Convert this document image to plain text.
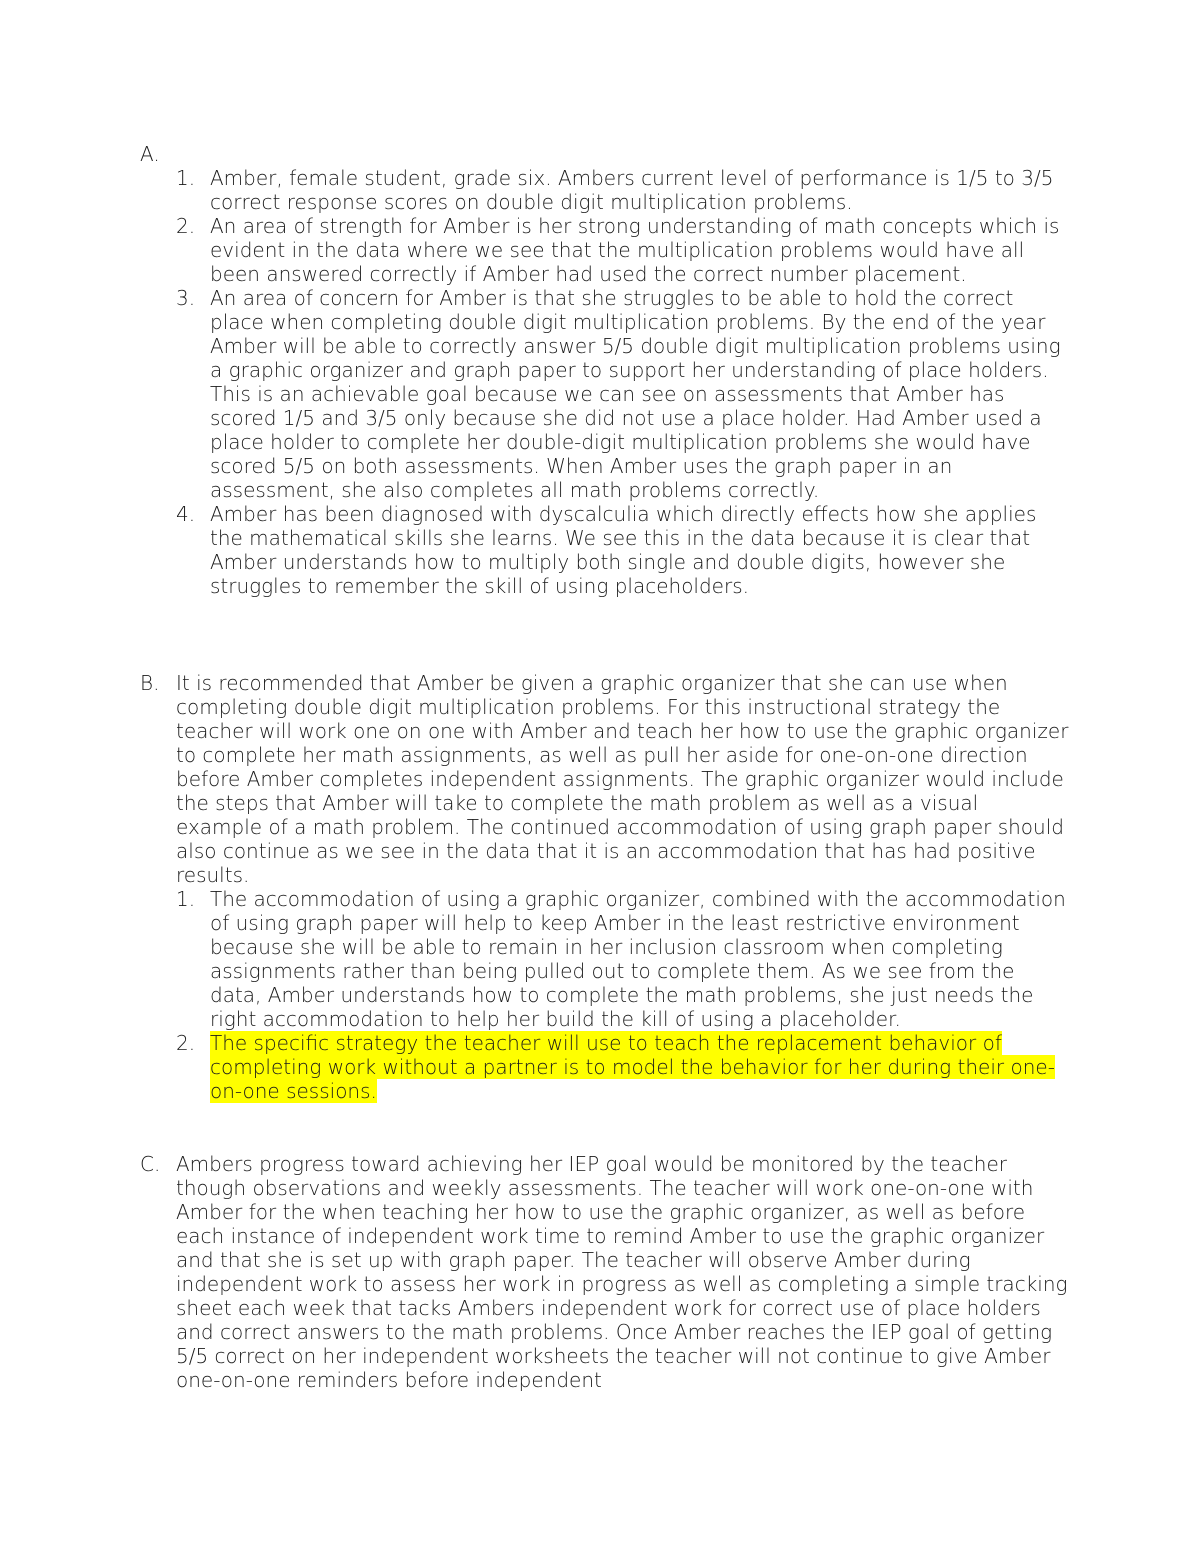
A.
1. Amber, female student, grade six. Ambers current level of performance is 1/5 to 3/5 correct response scores on double digit multiplication problems.
2. An area of strength for Amber is her strong understanding of math concepts which is evident in the data where we see that the multiplication problems would have all been answered correctly if Amber had used the correct number placement.
3. An area of concern for Amber is that she struggles to be able to hold the correct place when completing double digit multiplication problems. By the end of the year Amber will be able to correctly answer 5/5 double digit multiplication problems using a graphic organizer and graph paper to support her understanding of place holders. This is an achievable goal because we can see on assessments that Amber has scored 1/5 and 3/5 only because she did not use a place holder. Had Amber used a place holder to complete her double-digit multiplication problems she would have scored 5/5 on both assessments. When Amber uses the graph paper in an assessment, she also completes all math problems correctly.
4. Amber has been diagnosed with dyscalculia which directly effects how she applies the mathematical skills she learns. We see this in the data because it is clear that Amber understands how to multiply both single and double digits, however she struggles to remember the skill of using placeholders.
B. It is recommended that Amber be given a graphic organizer that she can use when completing double digit multiplication problems. For this instructional strategy the teacher will work one on one with Amber and teach her how to use the graphic organizer to complete her math assignments, as well as pull her aside for one-on-one direction before Amber completes independent assignments. The graphic organizer would include the steps that Amber will take to complete the math problem as well as a visual example of a math problem. The continued accommodation of using graph paper should also continue as we see in the data that it is an accommodation that has had positive results.
1. The accommodation of using a graphic organizer, combined with the accommodation of using graph paper will help to keep Amber in the least restrictive environment because she will be able to remain in her inclusion classroom when completing assignments rather than being pulled out to complete them. As we see from the data, Amber understands how to complete the math problems, she just needs the right accommodation to help her build the kill of using a placeholder.
2. The specific strategy the teacher will use to teach the replacement behavior of completing work without a partner is to model the behavior for her during their one-on-one sessions.
C. Ambers progress toward achieving her IEP goal would be monitored by the teacher though observations and weekly assessments. The teacher will work one-on-one with Amber for the when teaching her how to use the graphic organizer, as well as before each instance of independent work time to remind Amber to use the graphic organizer and that she is set up with graph paper. The teacher will observe Amber during independent work to assess her work in progress as well as completing a simple tracking sheet each week that tacks Ambers independent work for correct use of place holders and correct answers to the math problems. Once Amber reaches the IEP goal of getting 5/5 correct on her independent worksheets the teacher will not continue to give Amber one-on-one reminders before independent
